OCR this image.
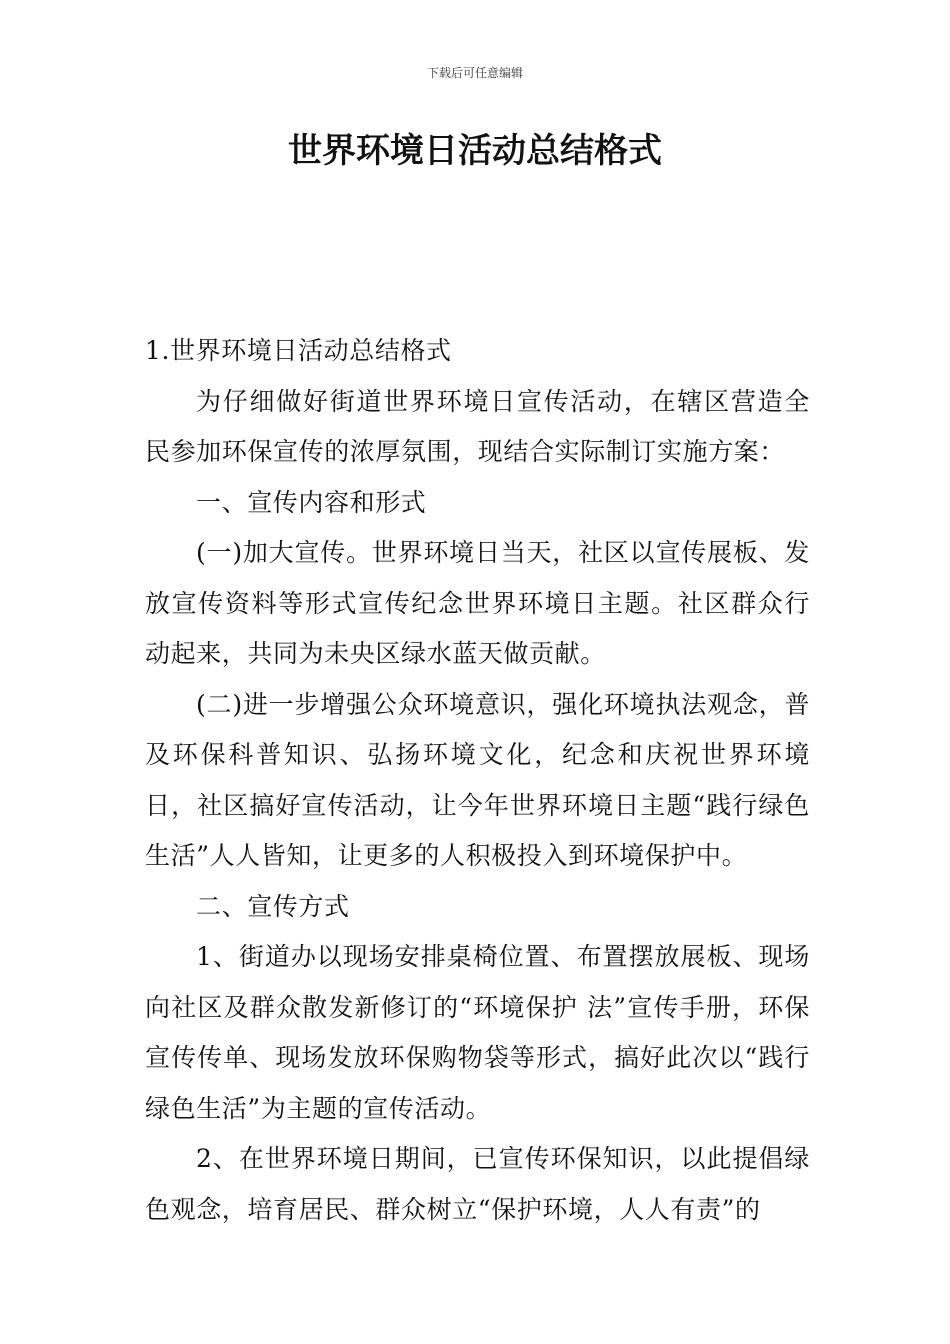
下载后可任意编辑
世界环境日活动总结格式

1.世界环境日活动总结格式

为仔细做好街道世界环境日宣传活动，在辖区营造全民参加环保宣传的浓厚氛围，现结合实际制订实施方案：

一、宣传内容和形式

(一)加大宣传。世界环境日当天，社区以宣传展板、发放宣传资料等形式宣传纪念世界环境日主题。社区群众行动起来，共同为未央区绿水蓝天做贡献。

(二)进一步增强公众环境意识，强化环境执法观念，普及环保科普知识、弘扬环境文化，纪念和庆祝世界环境日，社区搞好宣传活动，让今年世界环境日主题“践行绿色生活”人人皆知，让更多的人积极投入到环境保护中。

二、宣传方式

1、街道办以现场安排桌椅位置、布置摆放展板、现场向社区及群众散发新修订的“环境保护 法”宣传手册，环保宣传传单、现场发放环保购物袋等形式，搞好此次以“践行绿色生活”为主题的宣传活动。

2、在世界环境日期间，已宣传环保知识，以此提倡绿色观念，培育居民、群众树立“保护环境，人人有责”的
